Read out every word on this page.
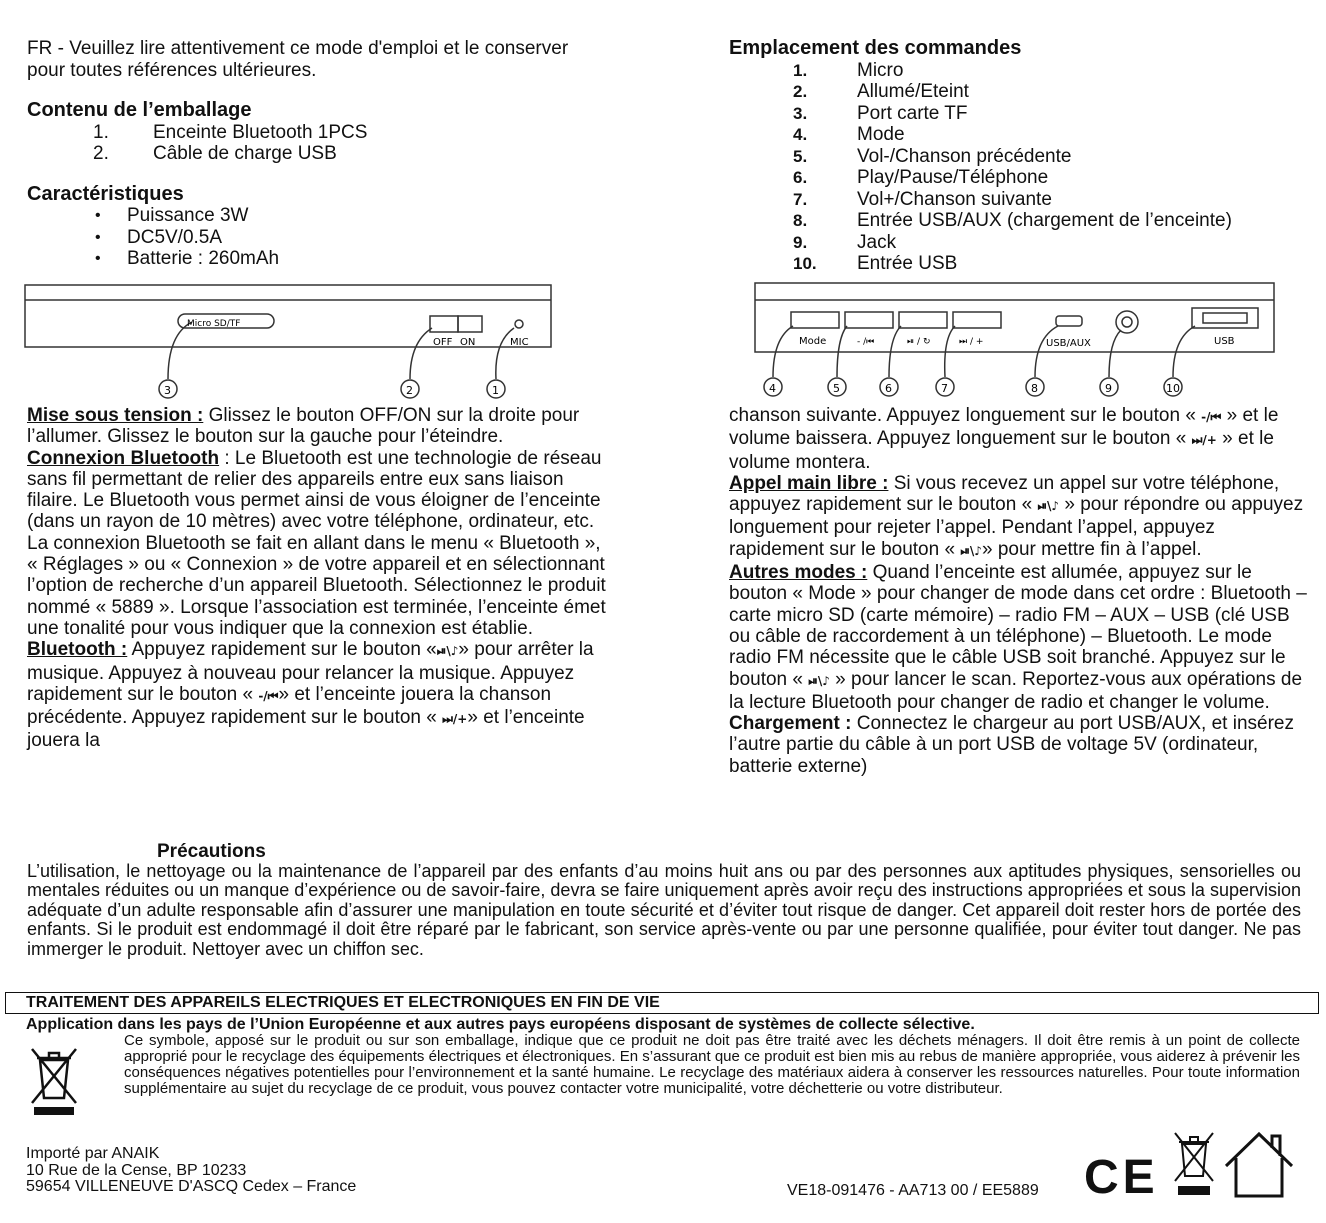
FR - Veuillez lire attentivement ce mode d'emploi et le conserver pour toutes références ultérieures.

Contenu de l’emballage
1.	Enceinte Bluetooth 1PCS
2.	Câble de charge USB
Caractéristiques
•	Puissance 3W
•	DC5V/0.5A
•	Batterie : 260mAh
Micro SD/TF
OFF ON	MIC
3	2	1
Emplacement des commandes
1.	Micro
2.	Allumé/Eteint
3.	Port carte TF
4.	Mode
5.	Vol-/Chanson précédente
6.	Play/Pause/Téléphone
7.	Vol+/Chanson suivante
8.	Entrée USB/AUX (chargement de l’enceinte)
9.	Jack
10.	Entrée USB
Mode	- /⏮	⏯ / ↻	⏭ / +	USB/AUX	USB
4	5	6	7	8	9	10
Mise sous tension : Glissez le bouton OFF/ON sur la droite pour l’allumer. Glissez le bouton sur la gauche pour l’éteindre.
Connexion Bluetooth : Le Bluetooth est une technologie de réseau sans fil permettant de relier des appareils entre eux sans liaison filaire. Le Bluetooth vous permet ainsi de vous éloigner de l’enceinte (dans un rayon de 10 mètres) avec votre téléphone, ordinateur, etc. La connexion Bluetooth se fait en allant dans le menu « Bluetooth », « Réglages » ou « Connexion » de votre appareil et en sélectionnant l’option de recherche d’un appareil Bluetooth. Sélectionnez le produit nommé « 5889 ». Lorsque l’association est terminée, l’enceinte émet une tonalité pour vous indiquer que la connexion est établie.
Bluetooth : Appuyez rapidement sur le bouton «⏯\♪» pour arrêter la musique. Appuyez à nouveau pour relancer la musique. Appuyez rapidement sur le bouton « -/⏮» et l’enceinte jouera la chanson précédente. Appuyez rapidement sur le bouton « ⏭/+» et l’enceinte jouera la
chanson suivante. Appuyez longuement sur le bouton « -/⏮ » et le volume baissera. Appuyez longuement sur le bouton « ⏭/+ » et le volume montera.
Appel main libre : Si vous recevez un appel sur votre téléphone, appuyez rapidement sur le bouton « ⏯\♪ » pour répondre ou appuyez longuement pour rejeter l’appel. Pendant l’appel, appuyez rapidement sur le bouton « ⏯\♪» pour mettre fin à l’appel.
Autres modes : Quand l’enceinte est allumée, appuyez sur le bouton « Mode » pour changer de mode dans cet ordre : Bluetooth – carte micro SD (carte mémoire) – radio FM – AUX – USB (clé USB ou câble de raccordement à un téléphone) – Bluetooth. Le mode radio FM nécessite que le câble USB soit branché. Appuyez sur le bouton « ⏯\♪ » pour lancer le scan. Reportez-vous aux opérations de la lecture Bluetooth pour changer de radio et changer le volume.
Chargement : Connectez le chargeur au port USB/AUX, et insérez l’autre partie du câble à un port USB de voltage 5V (ordinateur, batterie externe)
Précautions
L’utilisation, le nettoyage ou la maintenance de l’appareil par des enfants d’au moins huit ans ou par des personnes aux aptitudes physiques, sensorielles ou mentales réduites ou un manque d’expérience ou de savoir-faire, devra se faire uniquement après avoir reçu des instructions appropriées et sous la supervision adéquate d’un adulte responsable afin d’assurer une manipulation en toute sécurité et d’éviter tout risque de danger. Cet appareil doit rester hors de portée des enfants. Si le produit est endommagé il doit être réparé par le fabricant, son service après-vente ou par une personne qualifiée, pour éviter tout danger. Ne pas immerger le produit. Nettoyer avec un chiffon sec.
TRAITEMENT DES APPAREILS ELECTRIQUES ET ELECTRONIQUES EN FIN DE VIE
Application dans les pays de l’Union Européenne et aux autres pays européens disposant de systèmes de collecte sélective.
Ce symbole, apposé sur le produit ou sur son emballage, indique que ce produit ne doit pas être traité avec les déchets ménagers. Il doit être remis à un point de collecte approprié pour le recyclage des équipements électriques et électroniques. En s’assurant que ce produit est bien mis au rebus de manière appropriée, vous aiderez à prévenir les conséquences négatives potentielles pour l’environnement et la santé humaine. Le recyclage des matériaux aidera à conserver les ressources naturelles. Pour toute information supplémentaire au sujet du recyclage de ce produit, vous pouvez contacter votre municipalité, votre déchetterie ou votre distributeur.
Importé par ANAIK
10 Rue de la Cense, BP 10233
59654 VILLENEUVE D'ASCQ Cedex – France	VE18-091476 - AA713 00 / EE5889 CE
